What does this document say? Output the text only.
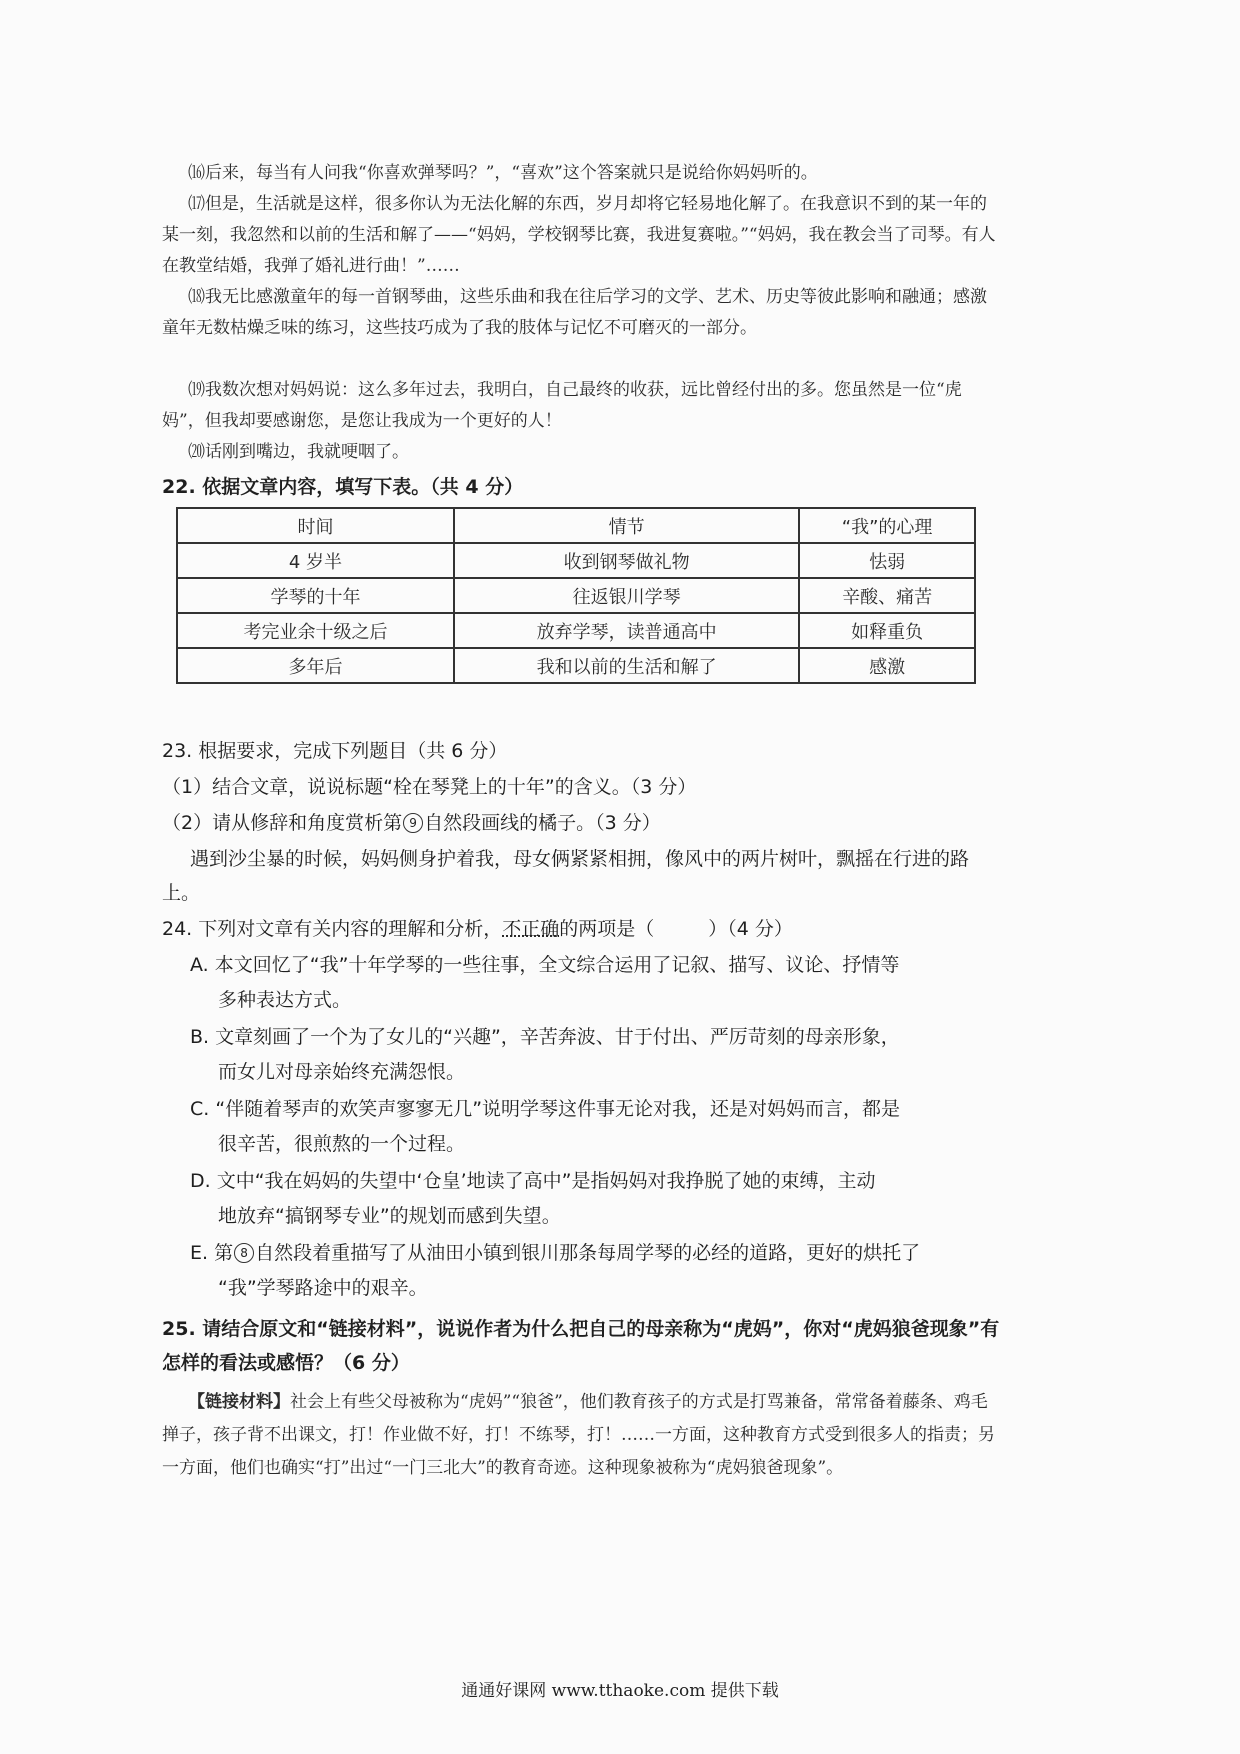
⒃后来，每当有人问我“你喜欢弹琴吗？”，“喜欢”这个答案就只是说给你妈妈听的。

⒄但是，生活就是这样，很多你认为无法化解的东西，岁月却将它轻易地化解了。在我意识不到的某一年的某一刻，我忽然和以前的生活和解了——“妈妈，学校钢琴比赛，我进复赛啦。”“妈妈，我在教会当了司琴。有人在教堂结婚，我弹了婚礼进行曲！”……

⒅我无比感激童年的每一首钢琴曲，这些乐曲和我在往后学习的文学、艺术、历史等彼此影响和融通；感激童年无数枯燥乏味的练习，这些技巧成为了我的肢体与记忆不可磨灭的一部分。

⒆我数次想对妈妈说：这么多年过去，我明白，自己最终的收获，远比曾经付出的多。您虽然是一位“虎妈”，但我却要感谢您，是您让我成为一个更好的人！

⒇话刚到嘴边，我就哽咽了。

22. 依据文章内容，填写下表。（共 4 分）

时间	情节	“我”的心理
4 岁半	收到钢琴做礼物	怯弱
学琴的十年	往返银川学琴	辛酸、痛苦
考完业余十级之后	放弃学琴，读普通高中	如释重负
多年后	我和以前的生活和解了	感激

23. 根据要求，完成下列题目（共 6 分）

（1）结合文章，说说标题“栓在琴凳上的十年”的含义。（3 分）

（2）请从修辞和角度赏析第 9 自然段画线的橘子。（3 分）

遇到沙尘暴的时候，妈妈侧身护着我，母女俩紧紧相拥，像风中的两片树叶，飘摇在行进的路上。

24. 下列对文章有关内容的理解和分析，不正确的两项是（	）（4 分）

A. 本文回忆了“我”十年学琴的一些往事，全文综合运用了记叙、描写、议论、抒情等
多种表达方式。

B. 文章刻画了一个为了女儿的“兴趣”，辛苦奔波、甘于付出、严厉苛刻的母亲形象，
而女儿对母亲始终充满怨恨。

C. “伴随着琴声的欢笑声寥寥无几”说明学琴这件事无论对我，还是对妈妈而言，都是
很辛苦，很煎熬的一个过程。

D. 文中“我在妈妈的失望中‘仓皇’地读了高中”是指妈妈对我挣脱了她的束缚，主动
地放弃“搞钢琴专业”的规划而感到失望。

E. 第 8 自然段着重描写了从油田小镇到银川那条每周学琴的必经的道路，更好的烘托了
“我”学琴路途中的艰辛。

25. 请结合原文和“链接材料”，说说作者为什么把自己的母亲称为“虎妈”，你对“虎妈狼爸现象”有怎样的看法或感悟？（6 分）

【链接材料】社会上有些父母被称为“虎妈”“狼爸”，他们教育孩子的方式是打骂兼备，常常备着藤条、鸡毛掸子，孩子背不出课文，打！作业做不好，打！不练琴，打！……一方面，这种教育方式受到很多人的指责；另一方面，他们也确实“打”出过“一门三北大”的教育奇迹。这种现象被称为“虎妈狼爸现象”。

通通好课网 www.tthaoke.com 提供下载
